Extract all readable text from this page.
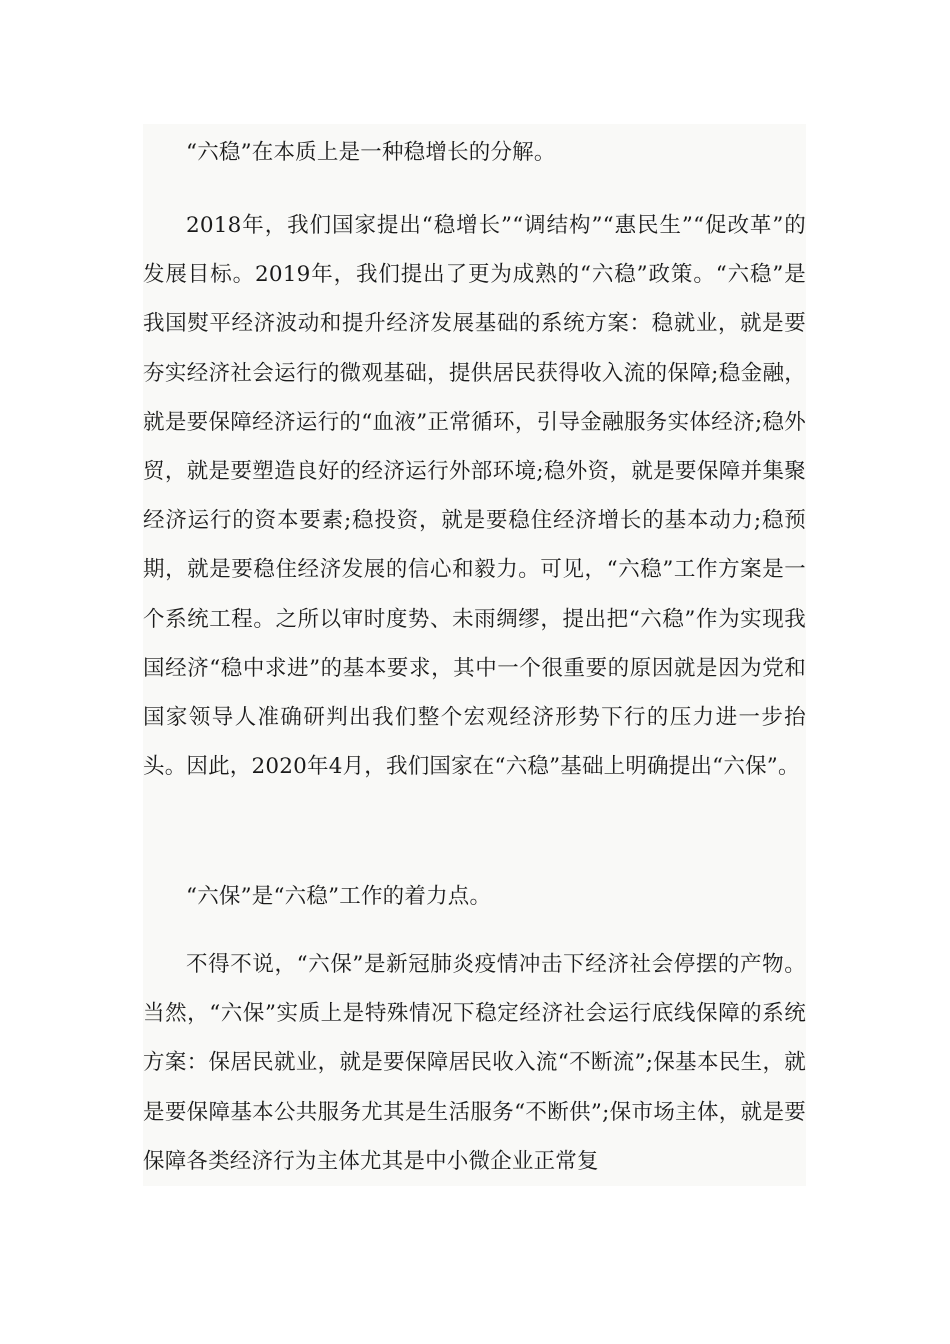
“六稳”在本质上是一种稳增长的分解。

2018年，我们国家提出“稳增长”“调结构”“惠民生”“促改革”的发展目标。2019年，我们提出了更为成熟的“六稳”政策。“六稳”是我国熨平经济波动和提升经济发展基础的系统方案：稳就业，就是要夯实经济社会运行的微观基础，提供居民获得收入流的保障;稳金融，就是要保障经济运行的“血液”正常循环，引导金融服务实体经济;稳外贸，就是要塑造良好的经济运行外部环境;稳外资，就是要保障并集聚经济运行的资本要素;稳投资，就是要稳住经济增长的基本动力;稳预期，就是要稳住经济发展的信心和毅力。可见，“六稳”工作方案是一个系统工程。之所以审时度势、未雨绸缪，提出把“六稳”作为实现我国经济“稳中求进”的基本要求，其中一个很重要的原因就是因为党和国家领导人准确研判出我们整个宏观经济形势下行的压力进一步抬头。因此，2020年4月，我们国家在“六稳”基础上明确提出“六保”。

“六保”是“六稳”工作的着力点。

不得不说，“六保”是新冠肺炎疫情冲击下经济社会停摆的产物。当然，“六保”实质上是特殊情况下稳定经济社会运行底线保障的系统方案：保居民就业，就是要保障居民收入流“不断流”;保基本民生，就是要保障基本公共服务尤其是生活服务“不断供”;保市场主体，就是要保障各类经济行为主体尤其是中小微企业正常复
